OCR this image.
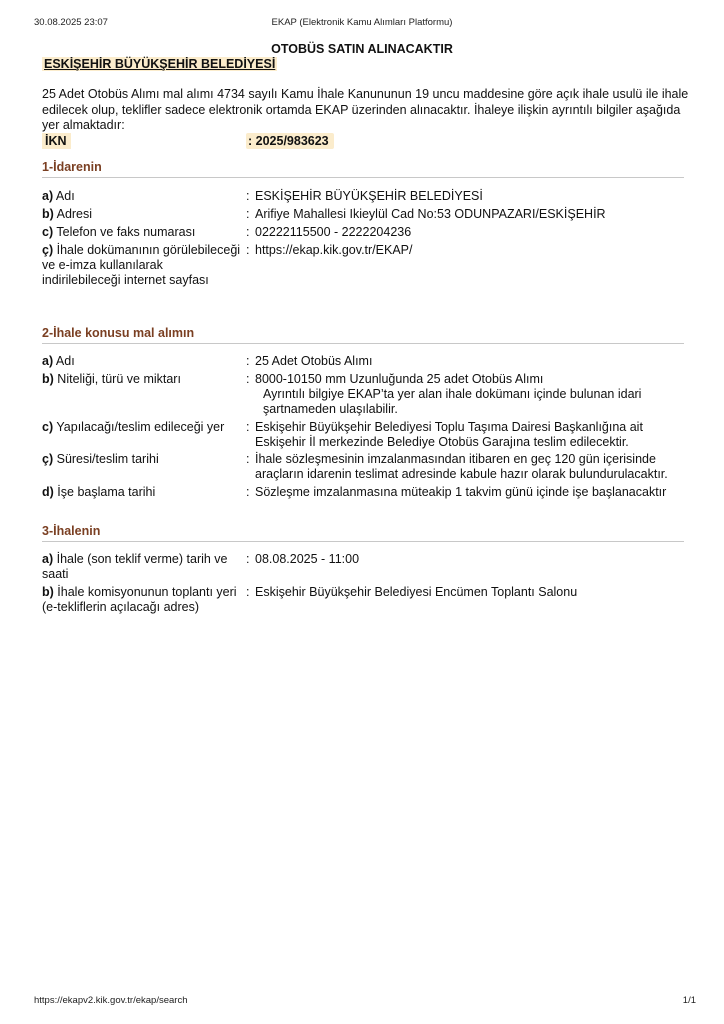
30.08.2025 23:07	EKAP (Elektronik Kamu Alımları Platformu)
OTOBÜS SATIN ALINACAKTIR
ESKİŞEHİR BÜYÜKŞEHİR BELEDİYESİ
25 Adet Otobüs Alımı mal alımı 4734 sayılı Kamu İhale Kanununun 19 uncu maddesine göre açık ihale usulü ile ihale edilecek olup, teklifler sadece elektronik ortamda EKAP üzerinden alınacaktır. İhaleye ilişkin ayrıntılı bilgiler aşağıda yer almaktadır:
İKN	: 2025/983623
1-İdarenin
a) Adı	: ESKİŞEHİR BÜYÜKŞEHİR BELEDİYESİ
b) Adresi	: Arifiye Mahallesi Ikieylül Cad No:53 ODUNPAZARI/ESKİŞEHİR
c) Telefon ve faks numarası	: 02222115500 - 2222204236
ç) İhale dokümanının görülebileceği ve e-imza kullanılarak indirilebileceği internet sayfası
: https://ekap.kik.gov.tr/EKAP/
2-İhale konusu mal alımın
a) Adı	: 25 Adet Otobüs Alımı
b) Niteliği, türü ve miktarı	: 8000-10150 mm Uzunluğunda 25 adet Otobüs Alımı
Ayrıntılı bilgiye EKAP’ta yer alan ihale dokümanı içinde bulunan idari
şartnameden ulaşılabilir.
c) Yapılacağı/teslim edileceği yer	: Eskişehir Büyükşehir Belediyesi Toplu Taşıma Dairesi Başkanlığına ait
Eskişehir İl merkezinde Belediye Otobüs Garajına teslim edilecektir.
ç) Süresi/teslim tarihi	: İhale sözleşmesinin imzalanmasından itibaren en geç 120 gün içerisinde
araçların idarenin teslimat adresinde kabule hazır olarak bulundurulacaktır.
d) İşe başlama tarihi	: Sözleşme imzalanmasına müteakip 1 takvim günü içinde işe başlanacaktır
3-İhalenin
a) İhale (son teklif verme) tarih ve saati
: 08.08.2025 - 11:00
b) İhale komisyonunun toplantı yeri (e-tekliflerin açılacağı adres)
: Eskişehir Büyükşehir Belediyesi Encümen Toplantı Salonu
https://ekapv2.kik.gov.tr/ekap/search	1/1
